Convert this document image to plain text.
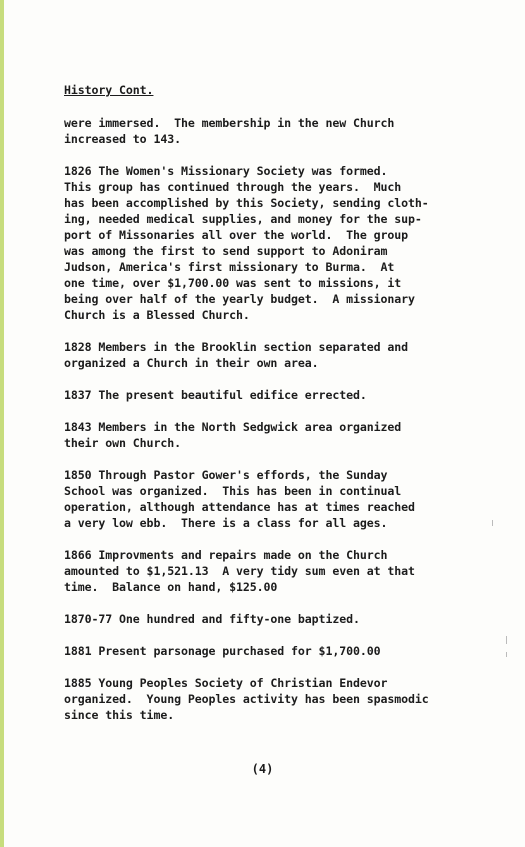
History Cont.
were immersed.  The membership in the new Church
increased to 143.
1826 The Women's Missionary Society was formed.
This group has continued through the years.  Much
has been accomplished by this Society, sending cloth-
ing, needed medical supplies, and money for the sup-
port of Missonaries all over the world.  The group
was among the first to send support to Adoniram
Judson, America's first missionary to Burma.  At
one time, over $1,700.00 was sent to missions, it
being over half of the yearly budget.  A missionary
Church is a Blessed Church.
1828 Members in the Brooklin section separated and
organized a Church in their own area.
1837 The present beautiful edifice errected.
1843 Members in the North Sedgwick area organized
their own Church.
1850 Through Pastor Gower's effords, the Sunday
School was organized.  This has been in continual
operation, although attendance has at times reached
a very low ebb.  There is a class for all ages.
1866 Improvments and repairs made on the Church
amounted to $1,521.13  A very tidy sum even at that
time.  Balance on hand, $125.00
1870-77 One hundred and fifty-one baptized.
1881 Present parsonage purchased for $1,700.00
1885 Young Peoples Society of Christian Endevor
organized.  Young Peoples activity has been spasmodic
since this time.
(4)
